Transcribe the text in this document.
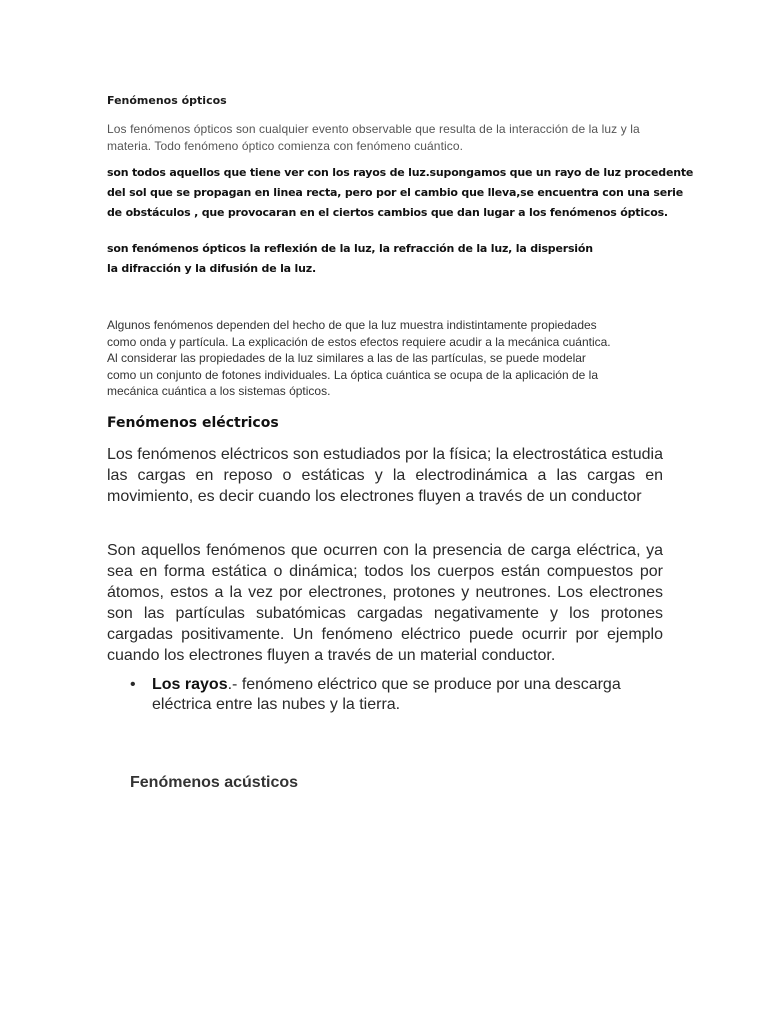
Fenómenos ópticos

Los fenómenos ópticos son cualquier evento observable que resulta de la interacción de la luz y la materia. Todo fenómeno óptico comienza con fenómeno cuántico.

son todos aquellos que tiene ver con los rayos de luz.supongamos que un rayo de luz procedente
del sol que se propagan en linea recta, pero por el cambio que lleva,se encuentra con una serie
de obstáculos , que provocaran en el ciertos cambios que dan lugar a los fenómenos ópticos.

son fenómenos ópticos la reflexión de la luz, la refracción de la luz, la dispersión
la difracción y la difusión de la luz.

Algunos fenómenos dependen del hecho de que la luz muestra indistintamente propiedades
como onda y partícula. La explicación de estos efectos requiere acudir a la mecánica cuántica.
Al considerar las propiedades de la luz similares a las de las partículas, se puede modelar
como un conjunto de fotones individuales. La óptica cuántica se ocupa de la aplicación de la
mecánica cuántica a los sistemas ópticos.

Fenómenos eléctricos

Los fenómenos eléctricos son estudiados por la física; la electrostática estudia las cargas en reposo o estáticas y la electrodinámica a las cargas en movimiento, es decir cuando los electrones fluyen a través de un conductor

Son aquellos fenómenos que ocurren con la presencia de carga eléctrica, ya sea en forma estática o dinámica; todos los cuerpos están compuestos por átomos, estos a la vez por electrones, protones y neutrones. Los electrones son las partículas subatómicas cargadas negativamente y los protones cargadas positivamente. Un fenómeno eléctrico puede ocurrir por ejemplo cuando los electrones fluyen a través de un material conductor.

•	Los rayos.- fenómeno eléctrico que se produce por una descarga eléctrica entre las nubes y la tierra.
Fenómenos acústicos
